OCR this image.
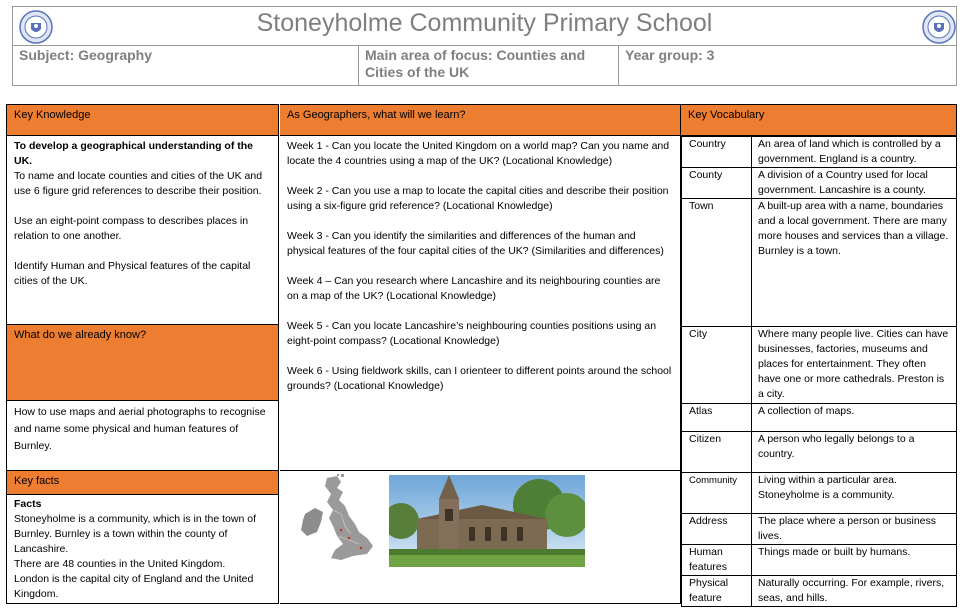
Stoneyholme Community Primary School
Subject: Geography	Main area of focus: Counties and Cities of the UK
Year group: 3
Key Knowledge	As Geographers, what will we learn?	Key Vocabulary

To develop a geographical understanding of the UK.

To name and locate counties and cities of the UK and use 6 figure grid references to describe their position.

Use an eight-point compass to describes places in relation to one another.

Identify Human and Physical features of the capital cities of the UK.

What do we already know?
How to use maps and aerial photographs to recognise and name some physical and human features of Burnley.
Key facts
Facts
Stoneyholme is a community, which is in the town of Burnley. Burnley is a town within the county of Lancashire.
There are 48 counties in the United Kingdom.
London is the capital city of England and the United Kingdom.

Week 1 - Can you locate the United Kingdom on a world map? Can you name and locate the 4 countries using a map of the UK? (Locational Knowledge)

Week 2 - Can you use a map to locate the capital cities and describe their position using a six-figure grid reference? (Locational Knowledge)

Week 3 - Can you identify the similarities and differences of the human and physical features of the four capital cities of the UK? (Similarities and differences)

Week 4 – Can you research where Lancashire and its neighbouring counties are on a map of the UK? (Locational Knowledge)

Week 5 - Can you locate Lancashire’s neighbouring counties positions using an eight-point compass? (Locational Knowledge)

Week 6 - Using fieldwork skills, can I orienteer to different points around the school grounds? (Locational Knowledge)

Country	An area of land which is controlled by a government. England is a country.
County	A division of a Country used for local government. Lancashire is a county.
Town	A built-up area with a name, boundaries and a local government. There are many more houses and services than a village. Burnley is a town.
City	Where many people live. Cities can have businesses, factories, museums and places for entertainment. They often have one or more cathedrals. Preston is a city.
Atlas	A collection of maps.
Citizen	A person who legally belongs to a country.
Community	Living within a particular area. Stoneyholme is a community.
Address	The place where a person or business lives.
Human features	Things made or built by humans.
Physical feature	Naturally occurring. For example, rivers, seas, and hills.
